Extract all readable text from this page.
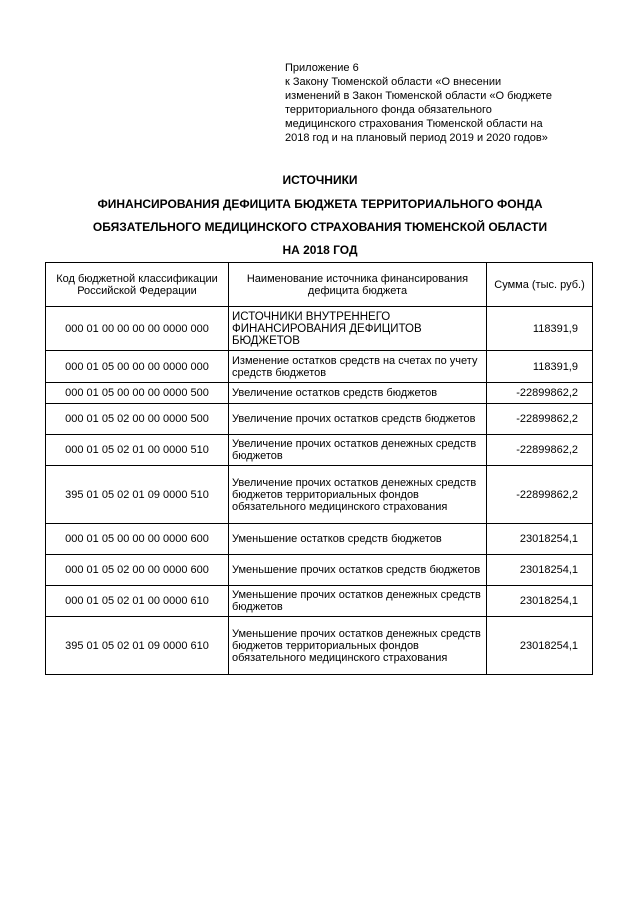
Приложение 6
к Закону Тюменской области «О внесении
изменений в Закон Тюменской области «О бюджете
территориального фонда обязательного
медицинского страхования Тюменской области на
2018 год и на плановый период 2019 и 2020 годов»
ИСТОЧНИКИ
ФИНАНСИРОВАНИЯ ДЕФИЦИТА БЮДЖЕТА ТЕРРИТОРИАЛЬНОГО ФОНДА
ОБЯЗАТЕЛЬНОГО МЕДИЦИНСКОГО СТРАХОВАНИЯ ТЮМЕНСКОЙ ОБЛАСТИ
НА 2018 ГОД
Код бюджетной классификации Российской Федерации	Наименование источника финансирования дефицита бюджета	Сумма (тыс. руб.)
000 01 00 00 00 00 0000 000	ИСТОЧНИКИ ВНУТРЕННЕГО ФИНАНСИРОВАНИЯ ДЕФИЦИТОВ БЮДЖЕТОВ	118391,9
000 01 05 00 00 00 0000 000	Изменение остатков средств на счетах по учету средств бюджетов	118391,9
000 01 05 00 00 00 0000 500	Увеличение остатков средств бюджетов	-22899862,2
000 01 05 02 00 00 0000 500	Увеличение прочих остатков средств бюджетов	-22899862,2
000 01 05 02 01 00 0000 510	Увеличение прочих остатков денежных средств бюджетов	-22899862,2
395 01 05 02 01 09 0000 510	Увеличение прочих остатков денежных средств бюджетов территориальных фондов обязательного медицинского страхования	-22899862,2
000 01 05 00 00 00 0000 600	Уменьшение остатков средств бюджетов	23018254,1
000 01 05 02 00 00 0000 600	Уменьшение прочих остатков средств бюджетов	23018254,1
000 01 05 02 01 00 0000 610	Уменьшение прочих остатков денежных средств бюджетов	23018254,1
395 01 05 02 01 09 0000 610	Уменьшение прочих остатков денежных средств бюджетов территориальных фондов обязательного медицинского страхования	23018254,1
